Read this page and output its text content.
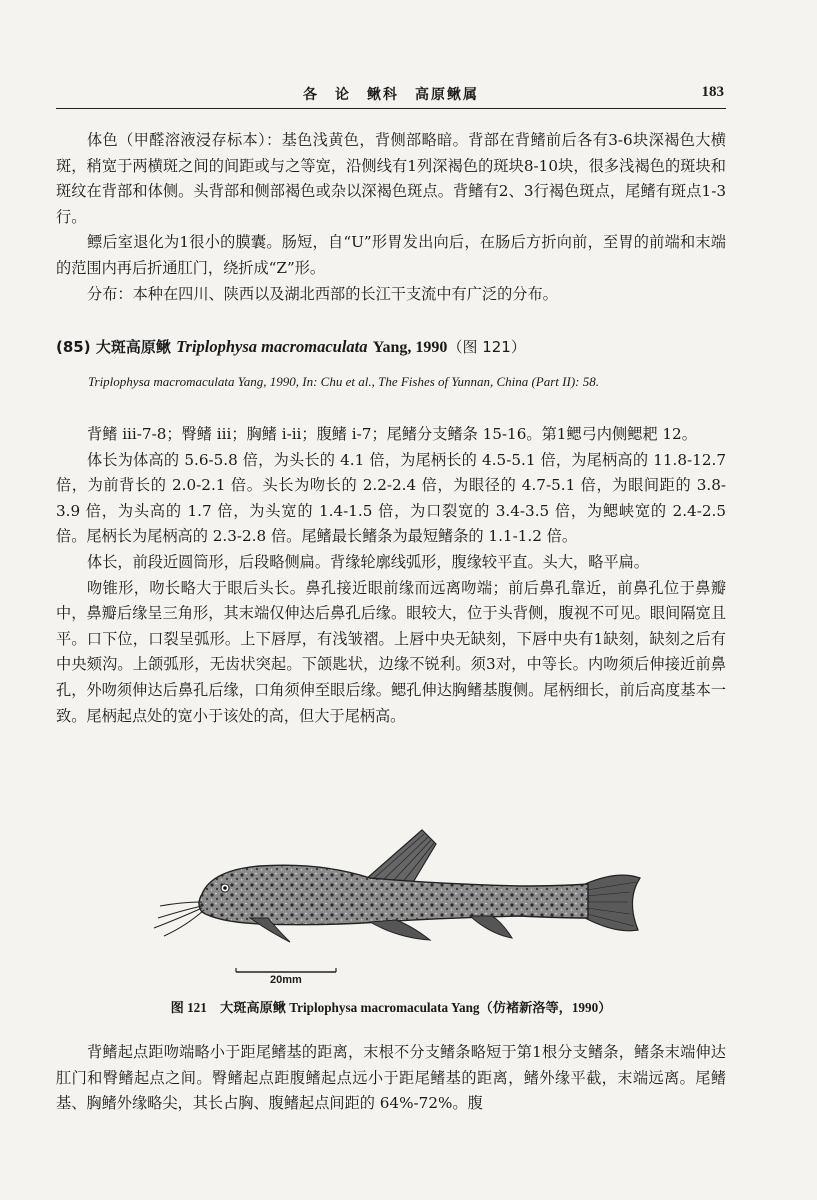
各　论　鳅科　高原鳅属	183

体色（甲醛溶液浸存标本）：基色浅黄色，背侧部略暗。背部在背鳍前后各有3-6块深褐色大横斑，稍宽于两横斑之间的间距或与之等宽，沿侧线有1列深褐色的斑块8-10块，很多浅褐色的斑块和斑纹在背部和体侧。头背部和侧部褐色或杂以深褐色斑点。背鳍有2、3行褐色斑点，尾鳍有斑点1-3行。

鳔后室退化为1很小的膜囊。肠短，自“U”形胃发出向后，在肠后方折向前，至胃的前端和末端的范围内再后折通肛门，绕折成“Z”形。

分布：本种在四川、陕西以及湖北西部的长江干支流中有广泛的分布。

(85) 大斑高原鳅 Triplophysa macromaculata Yang, 1990（图 121）

Triplophysa macromaculata Yang, 1990, In: Chu et al., The Fishes of Yunnan, China (Part II): 58.

背鳍 iii-7-8；臀鳍 iii；胸鳍 i-ii；腹鳍 i-7；尾鳍分支鳍条 15-16。第1鳃弓内侧鳃耙 12。

体长为体高的 5.6-5.8 倍，为头长的 4.1 倍，为尾柄长的 4.5-5.1 倍，为尾柄高的 11.8-12.7 倍，为前背长的 2.0-2.1 倍。头长为吻长的 2.2-2.4 倍，为眼径的 4.7-5.1 倍，为眼间距的 3.8-3.9 倍，为头高的 1.7 倍，为头宽的 1.4-1.5 倍，为口裂宽的 3.4-3.5 倍，为鳃峡宽的 2.4-2.5 倍。尾柄长为尾柄高的 2.3-2.8 倍。尾鳍最长鳍条为最短鳍条的 1.1-1.2 倍。

体长，前段近圆筒形，后段略侧扁。背缘轮廓线弧形，腹缘较平直。头大，略平扁。

吻锥形，吻长略大于眼后头长。鼻孔接近眼前缘而远离吻端；前后鼻孔靠近，前鼻孔位于鼻瓣中，鼻瓣后缘呈三角形，其末端仅伸达后鼻孔后缘。眼较大，位于头背侧，腹视不可见。眼间隔宽且平。口下位，口裂呈弧形。上下唇厚，有浅皱褶。上唇中央无缺刻，下唇中央有1缺刻，缺刻之后有中央颏沟。上颌弧形，无齿状突起。下颌匙状，边缘不锐利。须3对，中等长。内吻须后伸接近前鼻孔，外吻须伸达后鼻孔后缘，口角须伸至眼后缘。鳃孔伸达胸鳍基腹侧。尾柄细长，前后高度基本一致。尾柄起点处的宽小于该处的高，但大于尾柄高。

20mm
图 121　大斑高原鳅 Triplophysa macromaculata Yang（仿褚新洛等，1990）

背鳍起点距吻端略小于距尾鳍基的距离，末根不分支鳍条略短于第1根分支鳍条，鳍条末端伸达肛门和臀鳍起点之间。臀鳍起点距腹鳍起点远小于距尾鳍基的距离，鳍外缘平截，末端远离。尾鳍基、胸鳍外缘略尖，其长占胸、腹鳍起点间距的 64%-72%。腹
